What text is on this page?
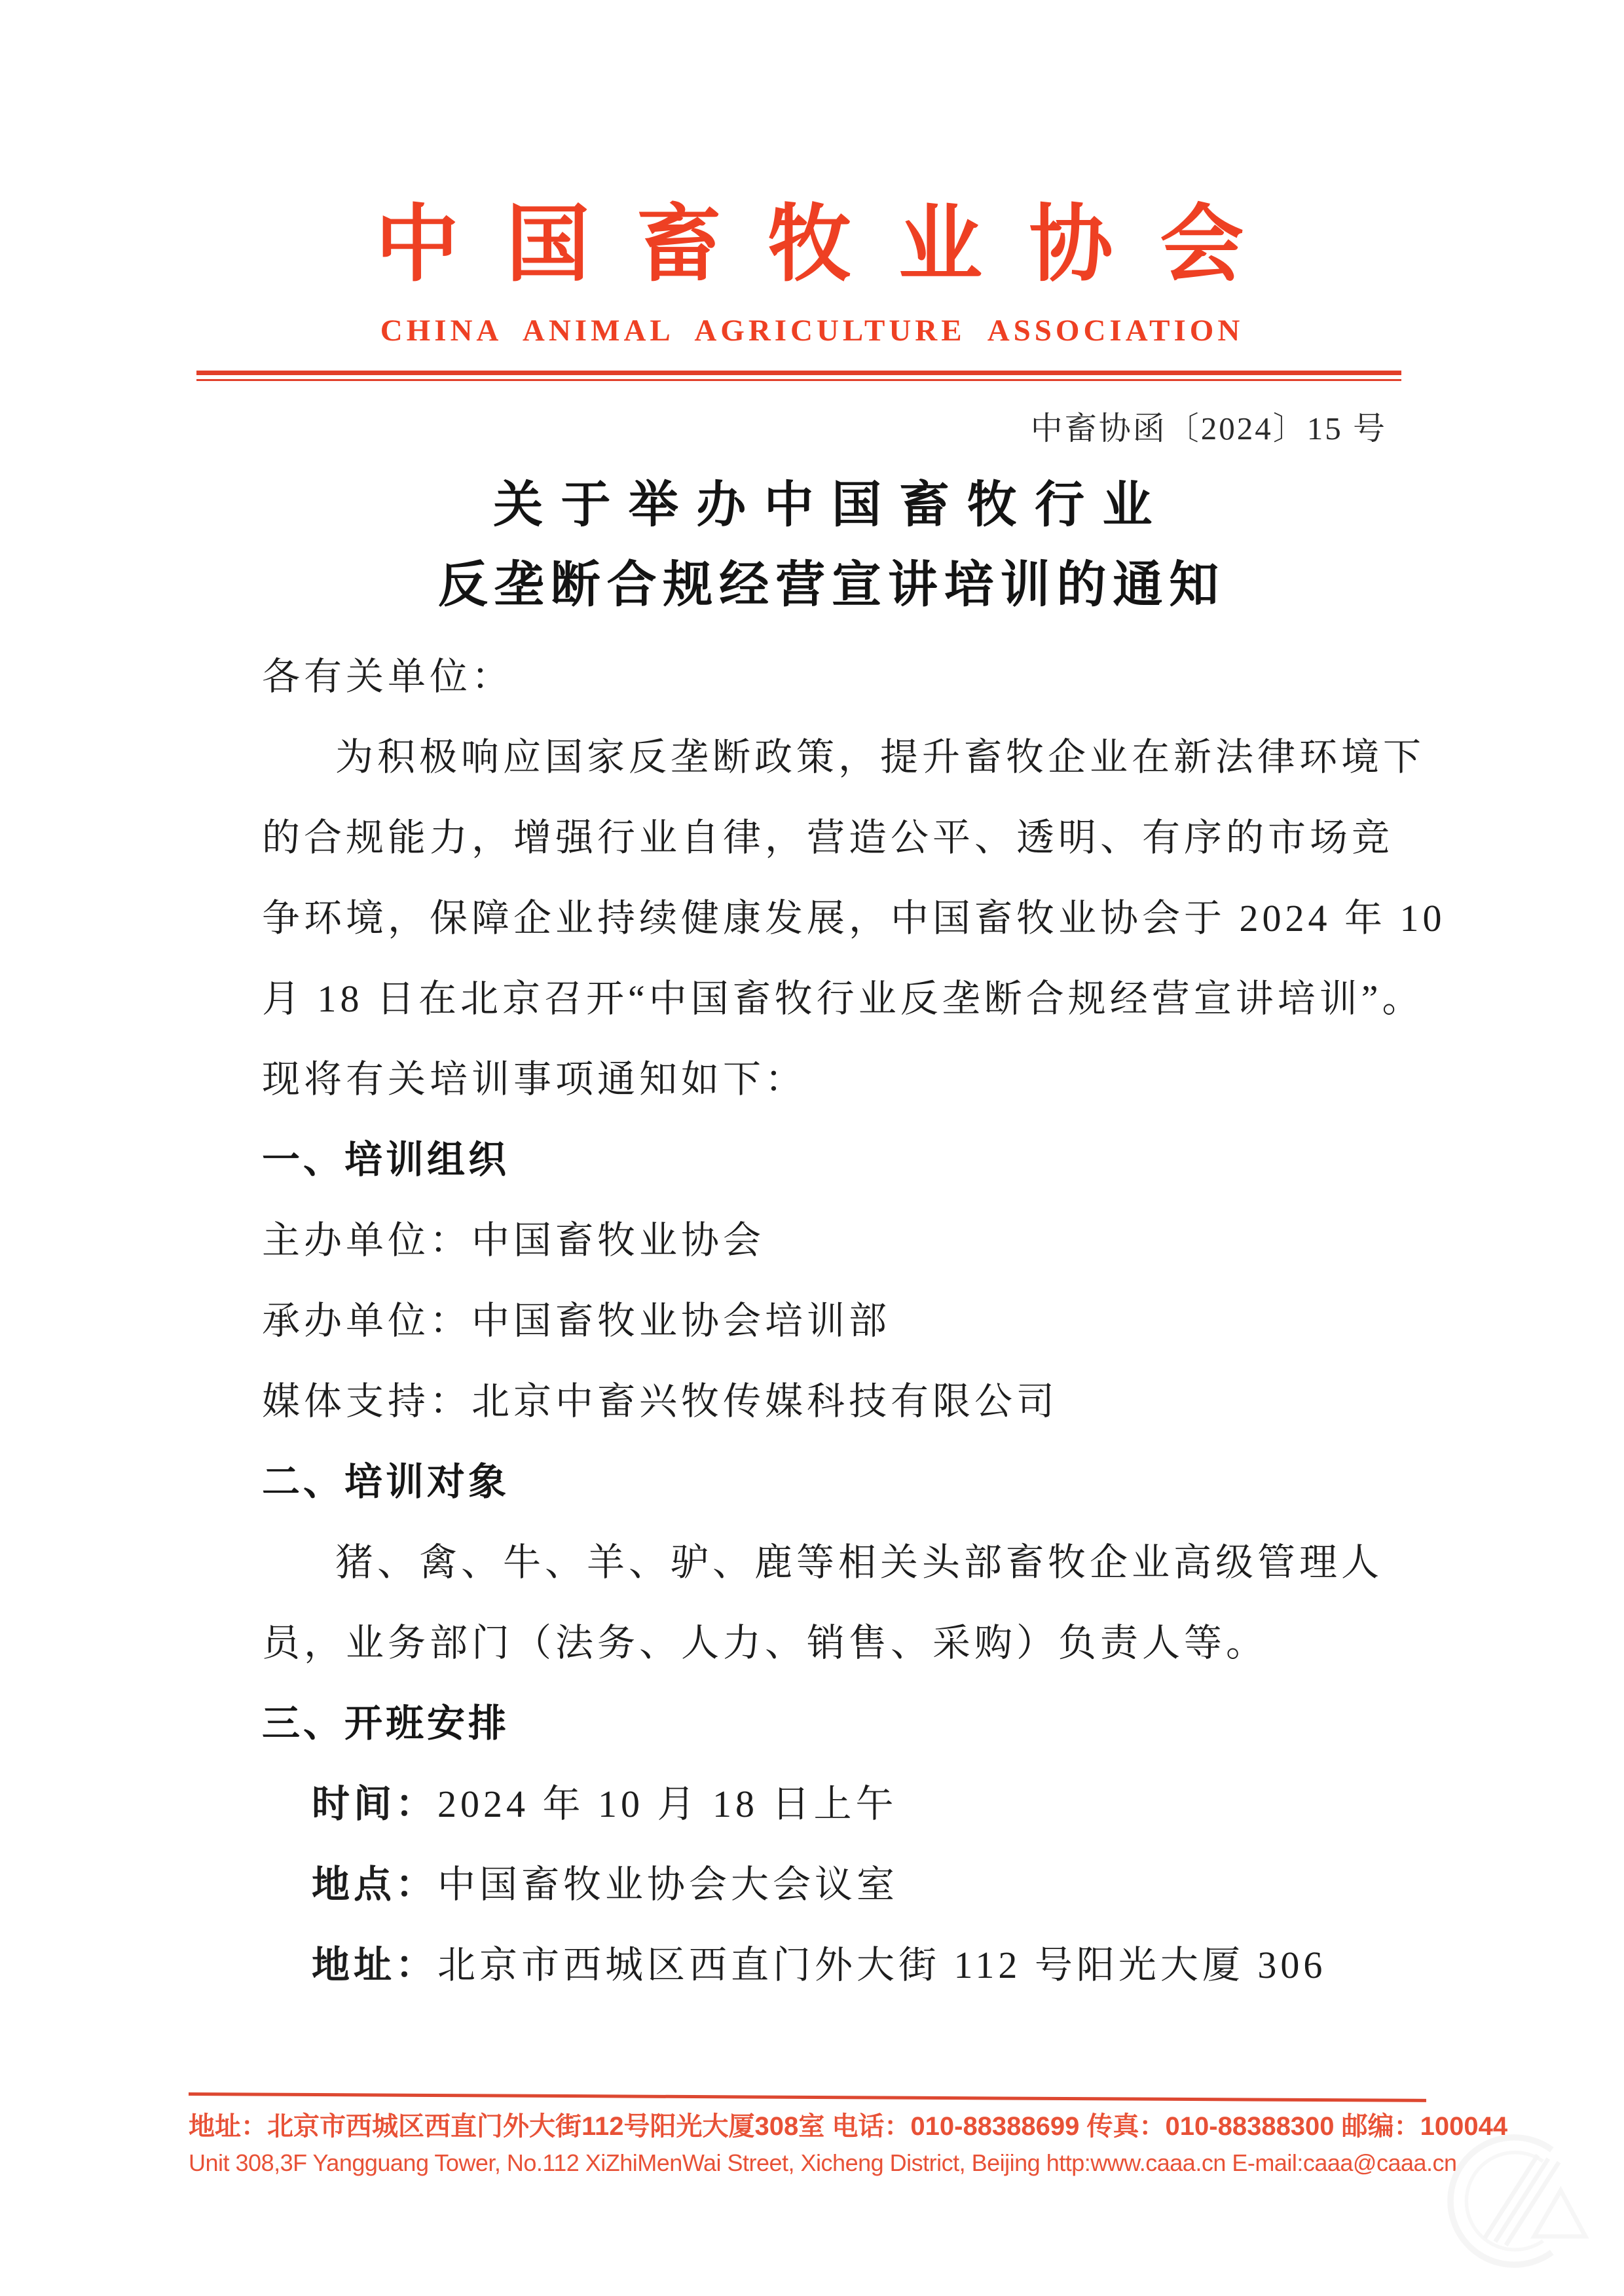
中国畜牧业协会
CHINA ANIMAL AGRICULTURE ASSOCIATION
中畜协函〔2024〕15 号
关于举办中国畜牧行业
反垄断合规经营宣讲培训的通知
各有关单位：
为积极响应国家反垄断政策，提升畜牧企业在新法律环境下
的合规能力，增强行业自律，营造公平、透明、有序的市场竞
争环境，保障企业持续健康发展，中国畜牧业协会于 2024 年 10
月 18 日在北京召开“中国畜牧行业反垄断合规经营宣讲培训”。
现将有关培训事项通知如下：
一、培训组织
主办单位：中国畜牧业协会
承办单位：中国畜牧业协会培训部
媒体支持：北京中畜兴牧传媒科技有限公司
二、培训对象
猪、禽、牛、羊、驴、鹿等相关头部畜牧企业高级管理人
员，业务部门（法务、人力、销售、采购）负责人等。
三、开班安排
时间：2024 年 10 月 18 日上午
地点：中国畜牧业协会大会议室
地址：北京市西城区西直门外大街 112 号阳光大厦 306
地址：北京市西城区西直门外大街112号阳光大厦308室 电话：010-88388699 传真：010-88388300 邮编：100044
Unit 308,3F Yangguang Tower, No.112 XiZhiMenWai Street, Xicheng District, Beijing http:www.caaa.cn E-mail:caaa@caaa.cn
